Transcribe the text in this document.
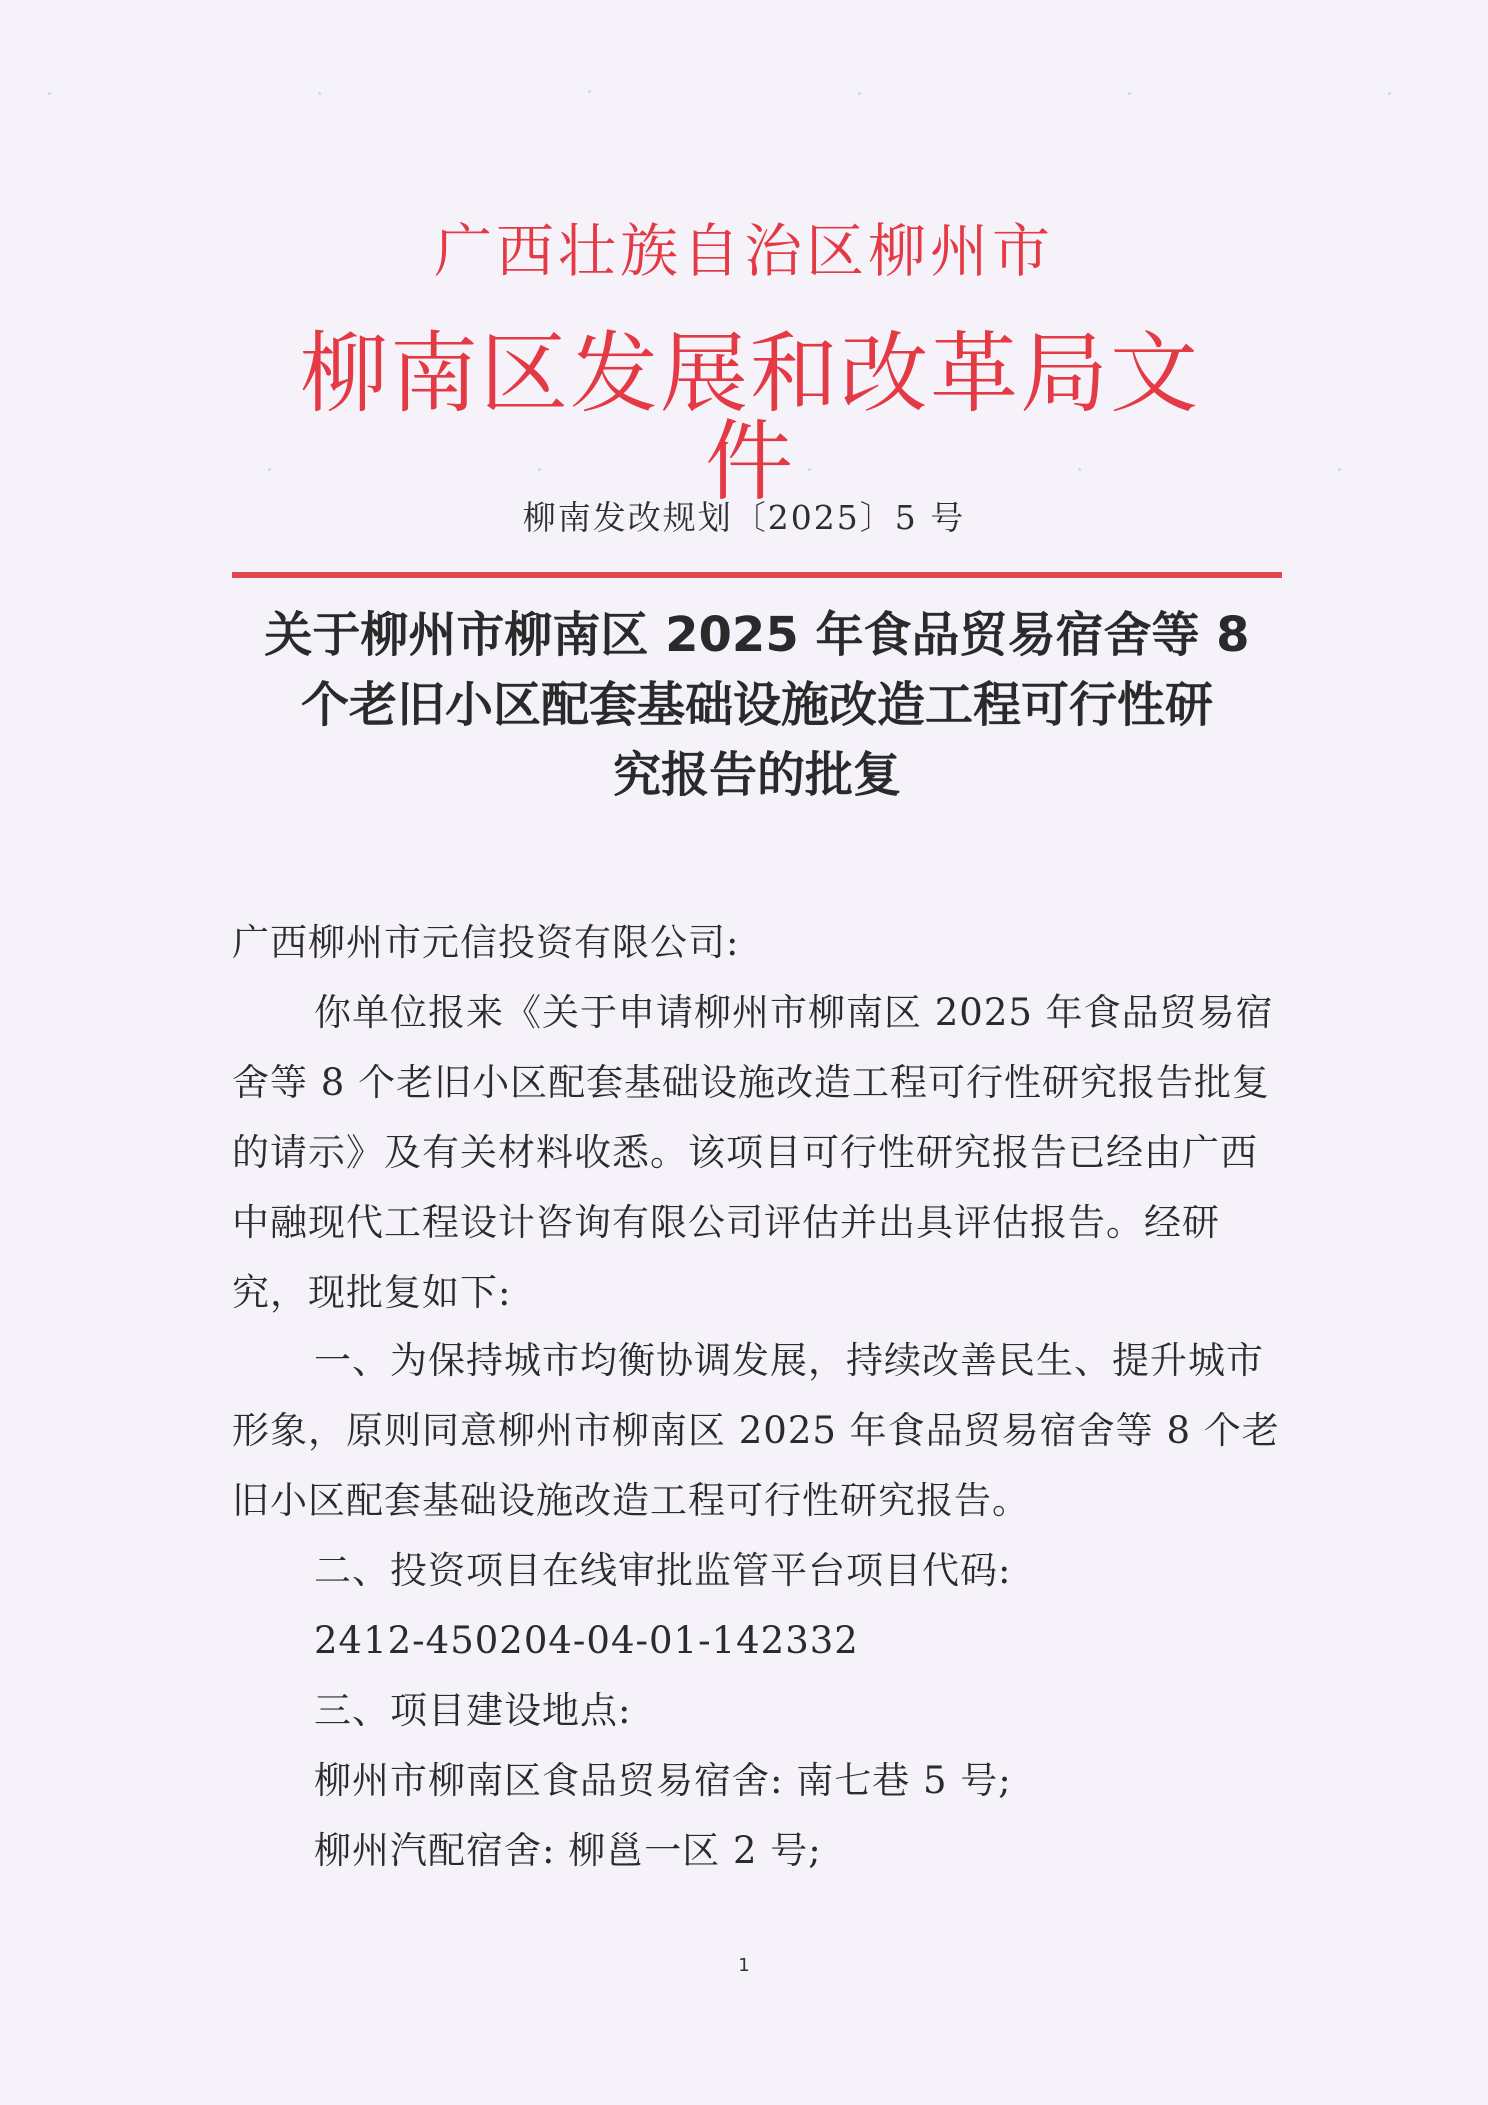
广西壮族自治区柳州市
柳南区发展和改革局文件
柳南发改规划〔2025〕5 号
关于柳州市柳南区 2025 年食品贸易宿舍等 8
个老旧小区配套基础设施改造工程可行性研
究报告的批复

广西柳州市元信投资有限公司:

你单位报来《关于申请柳州市柳南区 2025 年食品贸易宿舍等 8 个老旧小区配套基础设施改造工程可行性研究报告批复的请示》及有关材料收悉。该项目可行性研究报告已经由广西中融现代工程设计咨询有限公司评估并出具评估报告。经研究，现批复如下:

一、为保持城市均衡协调发展，持续改善民生、提升城市形象，原则同意柳州市柳南区 2025 年食品贸易宿舍等 8 个老旧小区配套基础设施改造工程可行性研究报告。

二、投资项目在线审批监管平台项目代码:

2412-450204-04-01-142332

三、项目建设地点:

柳州市柳南区食品贸易宿舍: 南七巷 5 号;

柳州汽配宿舍: 柳邕一区 2 号;

1
